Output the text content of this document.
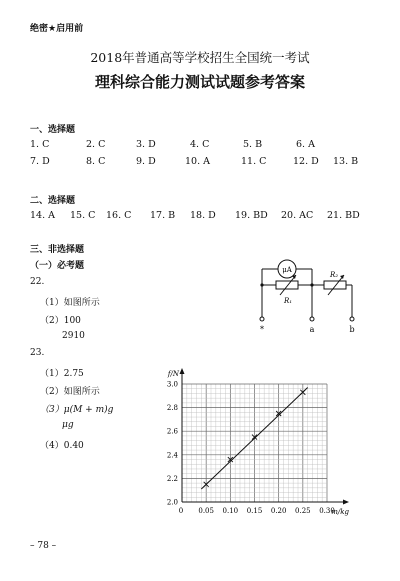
绝密★启用前
2018年普通高等学校招生全国统一考试
理科综合能力测试试题参考答案
一、选择题
1. C	2. C	3. D	4. C	5. B	6. A
7. D	8. C	9. D	10. A	11. C	12. D 13. B
二、选择题
14. A 15. C 16. C 17. B 18. D 19. BD 20. AC 21. BD
三、非选择题
（一）必考题
22.
（1）如图所示
（2）100
2910
23.
（1）2.75
（2）如图所示
（3）μ(M + m)g
μg
（4）0.40
μA
R₁
R₂
*	a	b
m/kg
f/N
0 0.05 0.10 0.15 0.20 0.25 0.30
2.0
2.2
2.4
2.6
2.8
3.0
– 78 –
